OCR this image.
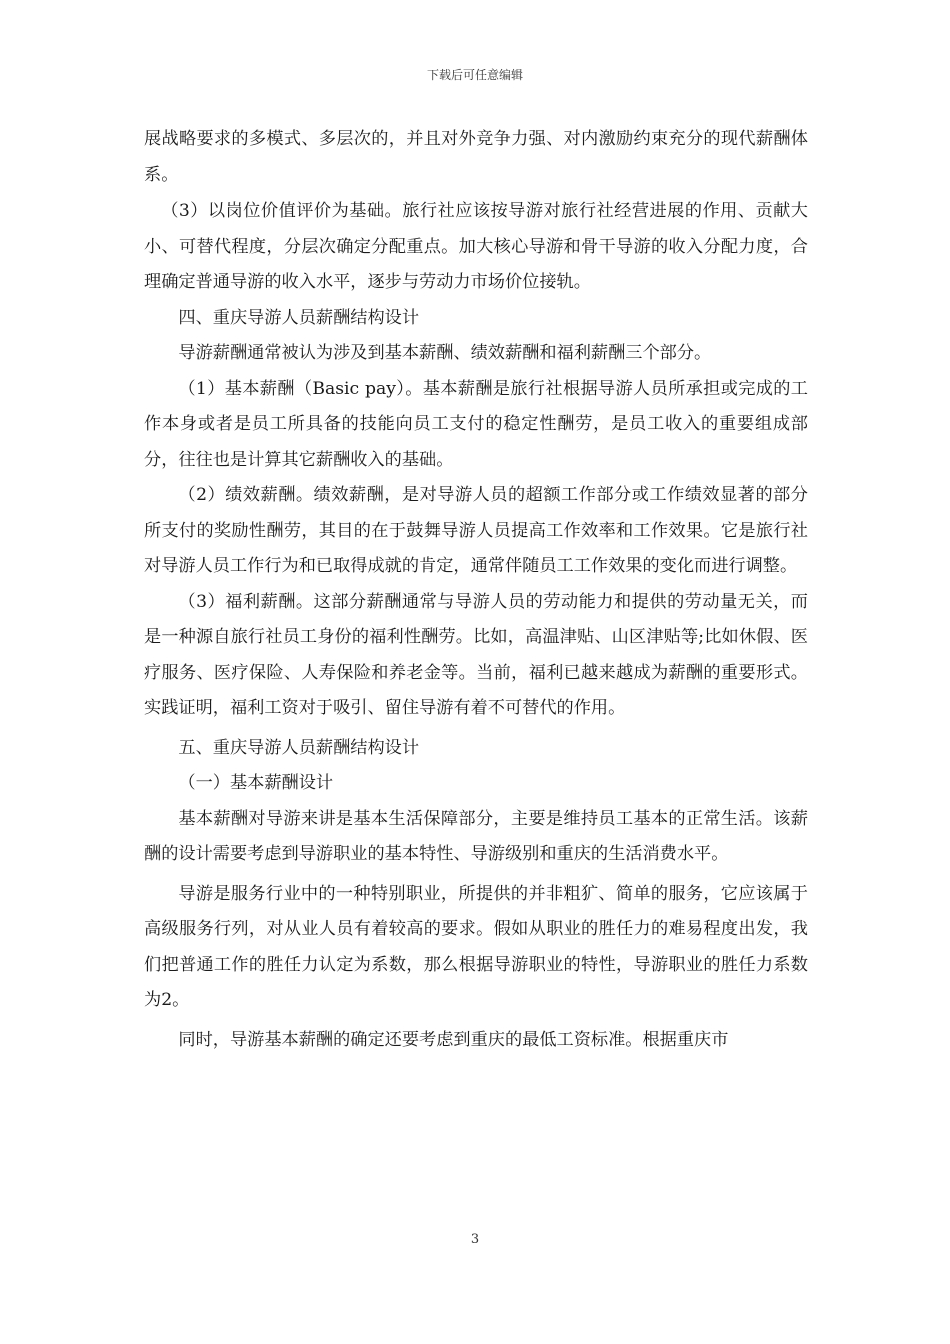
下载后可任意编辑

展战略要求的多模式、多层次的，并且对外竞争力强、对内激励约束充分的现代薪酬体系。

（3）以岗位价值评价为基础。旅行社应该按导游对旅行社经营进展的作用、贡献大小、可替代程度，分层次确定分配重点。加大核心导游和骨干导游的收入分配力度，合理确定普通导游的收入水平，逐步与劳动力市场价位接轨。

四、重庆导游人员薪酬结构设计

导游薪酬通常被认为涉及到基本薪酬、绩效薪酬和福利薪酬三个部分。

（1）基本薪酬（Basic pay）。基本薪酬是旅行社根据导游人员所承担或完成的工作本身或者是员工所具备的技能向员工支付的稳定性酬劳，是员工收入的重要组成部分，往往也是计算其它薪酬收入的基础。

（2）绩效薪酬。绩效薪酬，是对导游人员的超额工作部分或工作绩效显著的部分所支付的奖励性酬劳，其目的在于鼓舞导游人员提高工作效率和工作效果。它是旅行社对导游人员工作行为和已取得成就的肯定，通常伴随员工工作效果的变化而进行调整。

（3）福利薪酬。这部分薪酬通常与导游人员的劳动能力和提供的劳动量无关，而是一种源自旅行社员工身份的福利性酬劳。比如，高温津贴、山区津贴等;比如休假、医疗服务、医疗保险、人寿保险和养老金等。当前，福利已越来越成为薪酬的重要形式。实践证明，福利工资对于吸引、留住导游有着不可替代的作用。

五、重庆导游人员薪酬结构设计

（一）基本薪酬设计

基本薪酬对导游来讲是基本生活保障部分，主要是维持员工基本的正常生活。该薪酬的设计需要考虑到导游职业的基本特性、导游级别和重庆的生活消费水平。

导游是服务行业中的一种特别职业，所提供的并非粗犷、简单的服务，它应该属于高级服务行列，对从业人员有着较高的要求。假如从职业的胜任力的难易程度出发，我们把普通工作的胜任力认定为系数，那么根据导游职业的特性，导游职业的胜任力系数为2。

同时，导游基本薪酬的确定还要考虑到重庆的最低工资标准。根据重庆市

3
